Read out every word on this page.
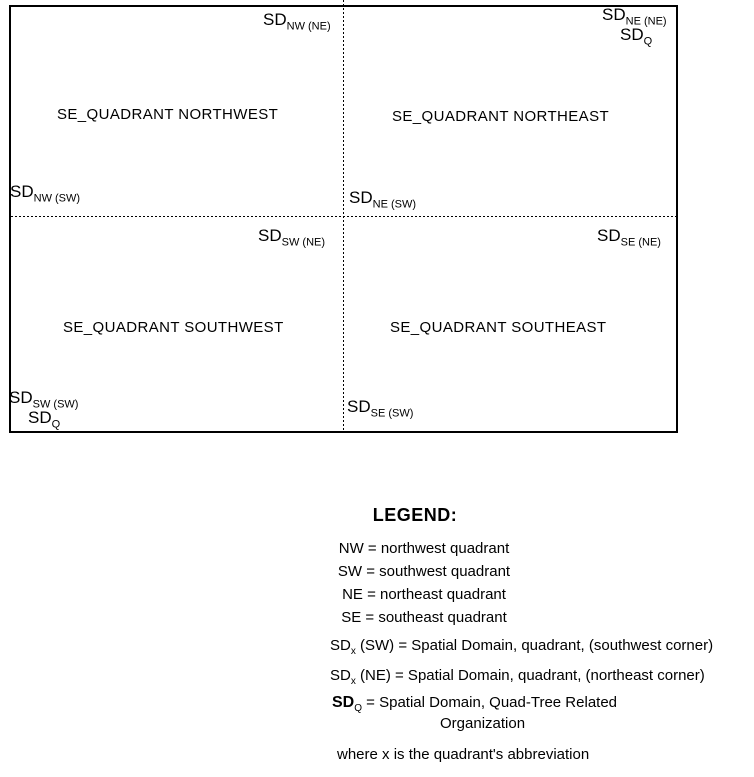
SE_QUADRANT NORTHWEST	SE_QUADRANT NORTHEAST
SE_QUADRANT SOUTHWEST	SE_QUADRANT SOUTHEAST
$SD_{NW (NE)}$
$SD_{NE (NE)}$
$SD_Q$
$SD_{NW (SW)}$	$SD_{NE (SW)}$
$SD_{SW (NE)}$	$SD_{SE (NE)}$
$SD_{SW (SW)}$
$SD_Q$
$SD_{SE (SW)}$
LEGEND:
NW = northwest quadrant
SW = southwest quadrant
NE = northeast quadrant
SE = southeast quadrant
$SD_x$ (SW) = Spatial Domain, quadrant, (southwest corner)
$SD_x$ (NE) = Spatial Domain, quadrant, (northeast corner)
$SD_Q$ = Spatial Domain, Quad-Tree Related
Organization
where x is the quadrant's abbreviation
